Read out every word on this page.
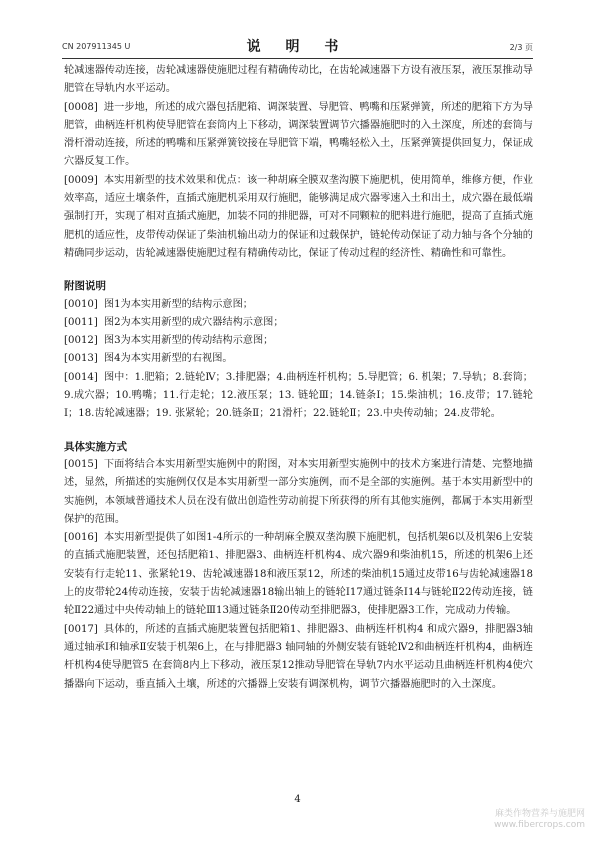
CN 207911345 U	说 明 书	2/3 页

轮减速器传动连接，齿轮减速器使施肥过程有精确传动比，在齿轮减速器下方设有液压泵，液压泵推动导肥管在导轨内水平运动。

[0008] 进一步地，所述的成穴器包括肥箱、调深装置、导肥管、鸭嘴和压紧弹簧，所述的肥箱下方为导肥管，曲柄连杆机构使导肥管在套筒内上下移动，调深装置调节穴播器施肥时的入土深度，所述的套筒与滑杆滑动连接，所述的鸭嘴和压紧弹簧铰接在导肥管下端，鸭嘴轻松入土，压紧弹簧提供回复力，保证成穴器反复工作。

[0009] 本实用新型的技术效果和优点：该一种胡麻全膜双垄沟膜下施肥机，使用简单，维修方便，作业效率高，适应土壤条件，直插式施肥机采用双行施肥，能够满足成穴器零速入土和出土，成穴器在最低端强制打开，实现了相对直插式施肥，加装不同的排肥器，可对不同颗粒的肥料进行施肥，提高了直插式施肥机的适应性，皮带传动保证了柴油机输出动力的保证和过载保护，链轮传动保证了动力轴与各个分轴的精确同步运动，齿轮减速器使施肥过程有精确传动比，保证了传动过程的经济性、精确性和可靠性。

附图说明

[0010] 图1为本实用新型的结构示意图；

[0011] 图2为本实用新型的成穴器结构示意图；

[0012] 图3为本实用新型的传动结构示意图；

[0013] 图4为本实用新型的右视图。

[0014] 图中：1.肥箱；2.链轮Ⅳ；3.排肥器；4.曲柄连杆机构；5.导肥管；6. 机架；7.导轨；8.套筒；9.成穴器；10.鸭嘴；11.行走轮；12.液压泵；13. 链轮Ⅲ；14.链条Ⅰ；15.柴油机；16.皮带；17.链轮Ⅰ；18.齿轮减速器；19. 张紧轮；20.链条Ⅱ；21滑杆；22.链轮Ⅱ；23.中央传动轴；24.皮带轮。

具体实施方式

[0015] 下面将结合本实用新型实施例中的附图，对本实用新型实施例中的技术方案进行清楚、完整地描述，显然，所描述的实施例仅仅是本实用新型一部分实施例，而不是全部的实施例。基于本实用新型中的实施例，本领域普通技术人员在没有做出创造性劳动前提下所获得的所有其他实施例，都属于本实用新型保护的范围。

[0016] 本实用新型提供了如图1-4所示的一种胡麻全膜双垄沟膜下施肥机，包括机架6以及机架6上安装的直插式施肥装置，还包括肥箱1、排肥器3、曲柄连杆机构4、成穴器9和柴油机15，所述的机架6上还安装有行走轮11、张紧轮19、齿轮减速器18和液压泵12，所述的柴油机15通过皮带16与齿轮减速器18上的皮带轮24传动连接，安装于齿轮减速器18输出轴上的链轮Ⅰ17通过链条Ⅰ14与链轮Ⅱ22传动连接，链轮Ⅱ22通过中央传动轴上的链轮Ⅲ13通过链条Ⅱ20传动至排肥器3，使排肥器3工作，完成动力传输。

[0017] 具体的，所述的直插式施肥装置包括肥箱1、排肥器3、曲柄连杆机构4 和成穴器9，排肥器3轴通过轴承Ⅰ和轴承Ⅱ安装于机架6上，在与排肥器3 轴同轴的外侧安装有链轮Ⅳ2和曲柄连杆机构4，曲柄连杆机构4使导肥管5 在套筒8内上下移动，液压泵12推动导肥管在导轨7内水平运动且曲柄连杆机构4使穴播器向下运动，垂直插入土壤，所述的穴播器上安装有调深机构，调节穴播器施肥时的入土深度。

4
麻类作物营养与施肥网
www.fibercrops.com
